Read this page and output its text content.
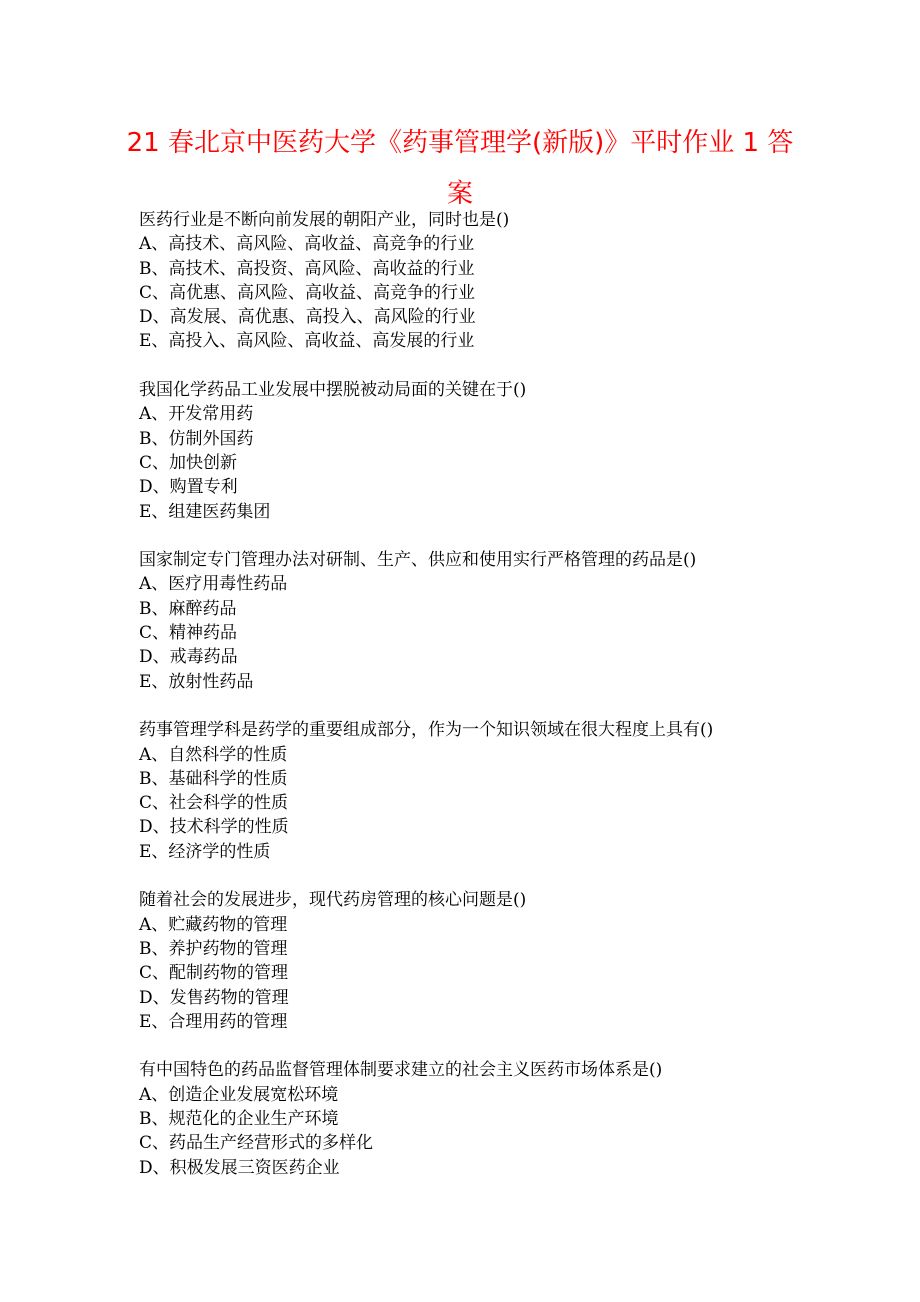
21 春北京中医药大学《药事管理学(新版)》平时作业 1 答案
医药行业是不断向前发展的朝阳产业，同时也是()
A、高技术、高风险、高收益、高竞争的行业
B、高技术、高投资、高风险、高收益的行业
C、高优惠、高风险、高收益、高竞争的行业
D、高发展、高优惠、高投入、高风险的行业
E、高投入、高风险、高收益、高发展的行业
我国化学药品工业发展中摆脱被动局面的关键在于()
A、开发常用药
B、仿制外国药
C、加快创新
D、购置专利
E、组建医药集团
国家制定专门管理办法对研制、生产、供应和使用实行严格管理的药品是()
A、医疗用毒性药品
B、麻醉药品
C、精神药品
D、戒毒药品
E、放射性药品
药事管理学科是药学的重要组成部分，作为一个知识领域在很大程度上具有()
A、自然科学的性质
B、基础科学的性质
C、社会科学的性质
D、技术科学的性质
E、经济学的性质
随着社会的发展进步，现代药房管理的核心问题是()
A、贮藏药物的管理
B、养护药物的管理
C、配制药物的管理
D、发售药物的管理
E、合理用药的管理
有中国特色的药品监督管理体制要求建立的社会主义医药市场体系是()
A、创造企业发展宽松环境
B、规范化的企业生产环境
C、药品生产经营形式的多样化
D、积极发展三资医药企业
